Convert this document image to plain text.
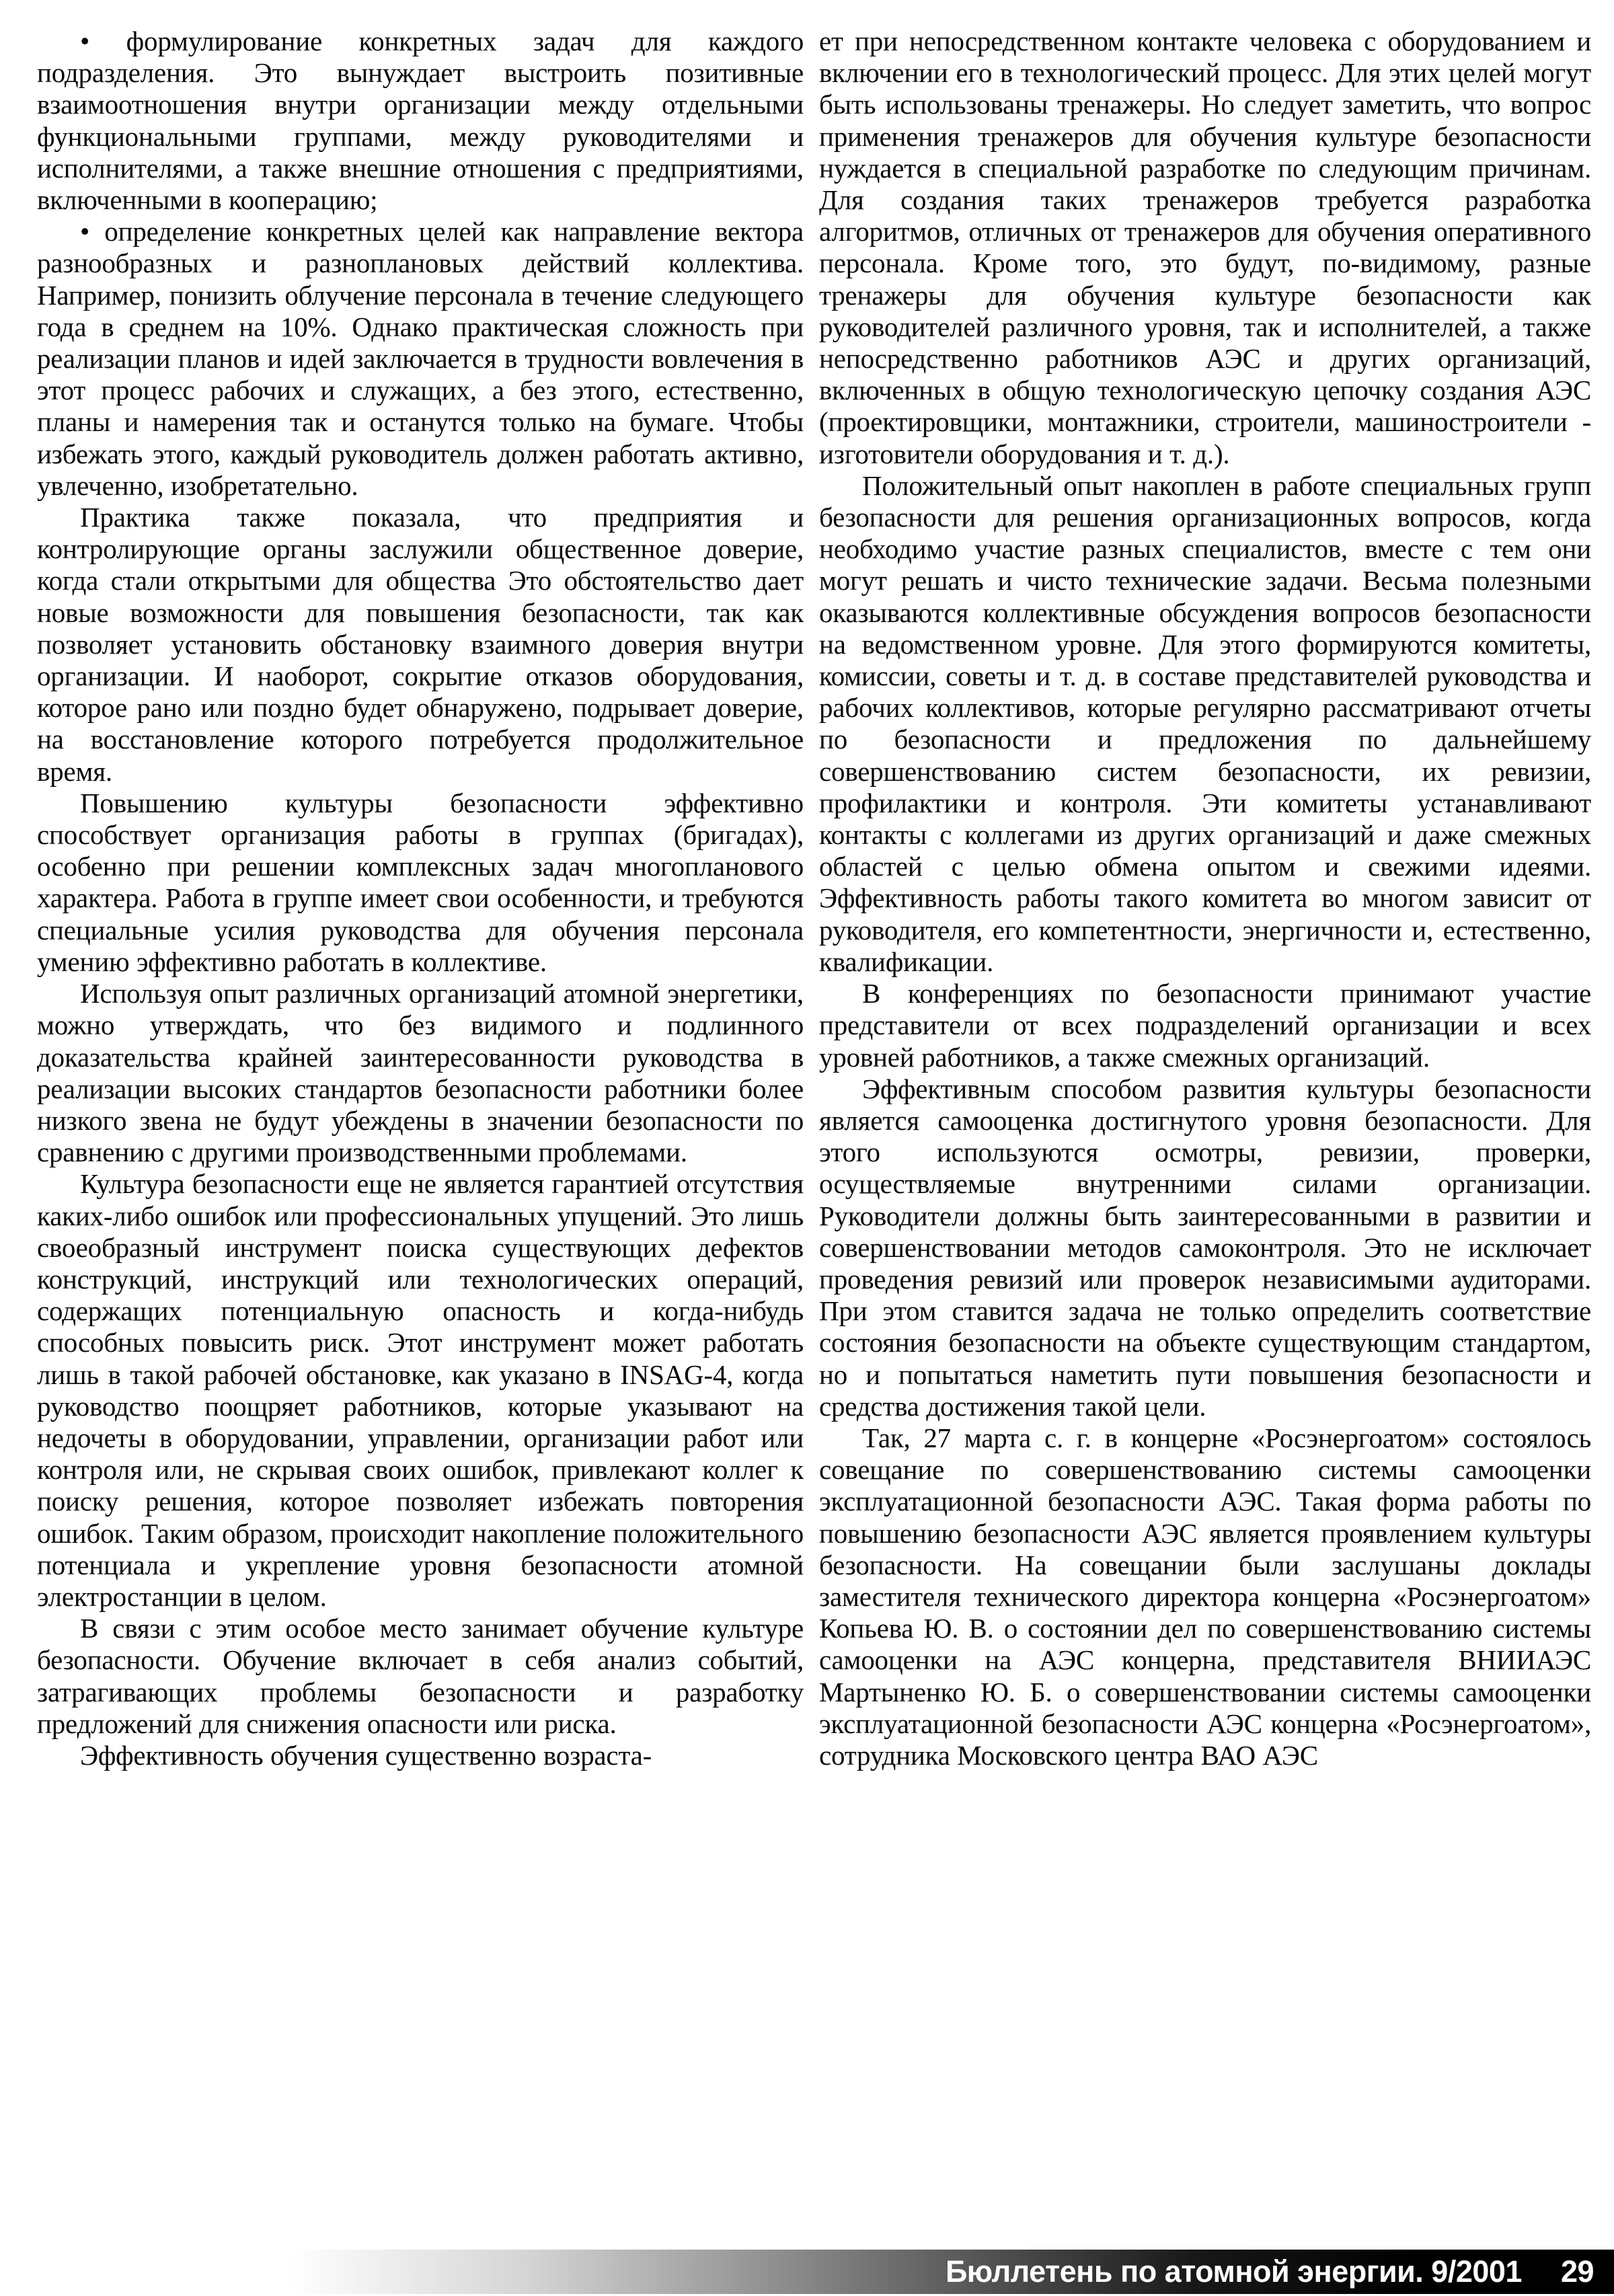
• формулирование конкретных задач для каждого подразделения. Это вынуждает выстроить позитивные взаимоотношения внутри организации между отдельными функциональными группами, между руководителями и исполнителями, а также внешние отношения с предприятиями, включенными в кооперацию;

• определение конкретных целей как направление вектора разнообразных и разноплановых действий коллектива. Например, понизить облучение персонала в течение следующего года в среднем на 10%. Однако практическая сложность при реализации планов и идей заключается в трудности вовлечения в этот процесс рабочих и служащих, а без этого, естественно, планы и намерения так и останутся только на бумаге. Чтобы избежать этого, каждый руководитель должен работать активно, увлеченно, изобретательно.

Практика также показала, что предприятия и контролирующие органы заслужили общественное доверие, когда стали открытыми для общества Это обстоятельство дает новые возможности для повышения безопасности, так как позволяет установить обстановку взаимного доверия внутри организации. И наоборот, сокрытие отказов оборудования, которое рано или поздно будет обнаружено, подрывает доверие, на восстановление которого потребуется продолжительное время.

Повышению культуры безопасности эффективно способствует организация работы в группах (бригадах), особенно при решении комплексных задач многопланового характера. Работа в группе имеет свои особенности, и требуются специальные усилия руководства для обучения персонала умению эффективно работать в коллективе.

Используя опыт различных организаций атомной энергетики, можно утверждать, что без видимого и подлинного доказательства крайней заинтересованности руководства в реализации высоких стандартов безопасности работники более низкого звена не будут убеждены в значении безопасности по сравнению с другими производственными проблемами.

Культура безопасности еще не является гарантией отсутствия каких-либо ошибок или профессиональных упущений. Это лишь своеобразный инструмент поиска существующих дефектов конструкций, инструкций или технологических операций, содержащих потенциальную опасность и когда-нибудь способных повысить риск. Этот инструмент может работать лишь в такой рабочей обстановке, как указано в INSAG-4, когда руководство поощряет работников, которые указывают на недочеты в оборудовании, управлении, организации работ или контроля или, не скрывая своих ошибок, привлекают коллег к поиску решения, которое позволяет избежать повторения ошибок. Таким образом, происходит накопление положительного потенциала и укрепление уровня безопасности атомной электростанции в целом.

В связи с этим особое место занимает обучение культуре безопасности. Обучение включает в себя анализ событий, затрагивающих проблемы безопасности и разработку предложений для снижения опасности или риска.

Эффективность обучения существенно возраста-

ет при непосредственном контакте человека с оборудованием и включении его в технологический процесс. Для этих целей могут быть использованы тренажеры. Но следует заметить, что вопрос применения тренажеров для обучения культуре безопасности нуждается в специальной разработке по следующим причинам. Для создания таких тренажеров требуется разработка алгоритмов, отличных от тренажеров для обучения оперативного персонала. Кроме того, это будут, по-видимому, разные тренажеры для обучения культуре безопасности как руководителей различного уровня, так и исполнителей, а также непосредственно работников АЭС и других организаций, включенных в общую технологическую цепочку создания АЭС (проектировщики, монтажники, строители, машиностроители - изготовители оборудования и т. д.).

Положительный опыт накоплен в работе специальных групп безопасности для решения организационных вопросов, когда необходимо участие разных специалистов, вместе с тем они могут решать и чисто технические задачи. Весьма полезными оказываются коллективные обсуждения вопросов безопасности на ведомственном уровне. Для этого формируются комитеты, комиссии, советы и т. д. в составе представителей руководства и рабочих коллективов, которые регулярно рассматривают отчеты по безопасности и предложения по дальнейшему совершенствованию систем безопасности, их ревизии, профилактики и контроля. Эти комитеты устанавливают контакты с коллегами из других организаций и даже смежных областей с целью обмена опытом и свежими идеями. Эффективность работы такого комитета во многом зависит от руководителя, его компетентности, энергичности и, естественно, квалификации.

В конференциях по безопасности принимают участие представители от всех подразделений организации и всех уровней работников, а также смежных организаций.

Эффективным способом развития культуры безопасности является самооценка достигнутого уровня безопасности. Для этого используются осмотры, ревизии, проверки, осуществляемые внутренними силами организации. Руководители должны быть заинтересованными в развитии и совершенствовании методов самоконтроля. Это не исключает проведения ревизий или проверок независимыми аудиторами. При этом ставится задача не только определить соответствие состояния безопасности на объекте существующим стандартом, но и попытаться наметить пути повышения безопасности и средства достижения такой цели.

Так, 27 марта с. г. в концерне «Росэнергоатом» состоялось совещание по совершенствованию системы самооценки эксплуатационной безопасности АЭС. Такая форма работы по повышению безопасности АЭС является проявлением культуры безопасности. На совещании были заслушаны доклады заместителя технического директора концерна «Росэнергоатом» Копьева Ю. В. о состоянии дел по совершенствованию системы самооценки на АЭС концерна, представителя ВНИИАЭС Мартыненко Ю. Б. о совершенствовании системы самооценки эксплуатационной безопасности АЭС концерна «Росэнергоатом», сотрудника Московского центра ВАО АЭС

Бюллетень по атомной энергии. 9/2001 29
